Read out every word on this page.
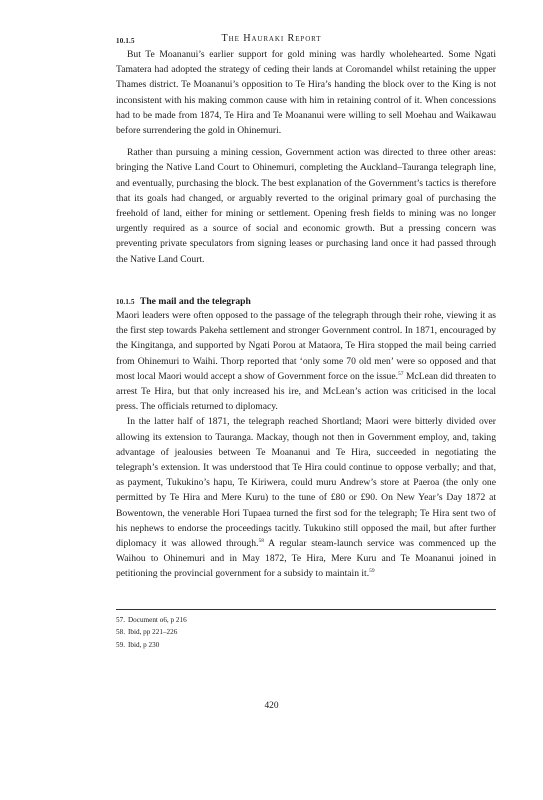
10.1.5	The Hauraki Report

But Te Moananui’s earlier support for gold mining was hardly wholehearted. Some Ngati Tamatera had adopted the strategy of ceding their lands at Coromandel whilst retaining the upper Thames district. Te Moananui’s opposition to Te Hira’s handing the block over to the King is not inconsistent with his making common cause with him in retaining control of it. When concessions had to be made from 1874, Te Hira and Te Moananui were willing to sell Moehau and Waikawau before surrendering the gold in Ohinemuri.

Rather than pursuing a mining cession, Government action was directed to three other areas: bringing the Native Land Court to Ohinemuri, completing the Auckland–Tauranga telegraph line, and eventually, purchasing the block. The best explanation of the Government’s tactics is therefore that its goals had changed, or arguably reverted to the original primary goal of purchasing the freehold of land, either for mining or settlement. Opening fresh fields to mining was no longer urgently required as a source of social and economic growth. But a pressing concern was preventing private speculators from signing leases or purchasing land once it had passed through the Native Land Court.

10.1.5 The mail and the telegraph

Maori leaders were often opposed to the passage of the telegraph through their rohe, viewing it as the first step towards Pakeha settlement and stronger Government control. In 1871, encouraged by the Kingitanga, and supported by Ngati Porou at Mataora, Te Hira stopped the mail being carried from Ohinemuri to Waihi. Thorp reported that ‘only some 70 old men’ were so opposed and that most local Maori would accept a show of Government force on the issue.$^{57}$ McLean did threaten to arrest Te Hira, but that only increased his ire, and McLean’s action was criticised in the local press. The officials returned to diplomacy.

In the latter half of 1871, the telegraph reached Shortland; Maori were bitterly divided over allowing its extension to Tauranga. Mackay, though not then in Government employ, and, taking advantage of jealousies between Te Moananui and Te Hira, succeeded in negotiating the telegraph’s extension. It was understood that Te Hira could continue to oppose verbally; and that, as payment, Tukukino’s hapu, Te Kiriwera, could muru Andrew’s store at Paeroa (the only one permitted by Te Hira and Mere Kuru) to the tune of £80 or £90. On New Year’s Day 1872 at Bowentown, the venerable Hori Tupaea turned the first sod for the telegraph; Te Hira sent two of his nephews to endorse the proceedings tacitly. Tukukino still opposed the mail, but after further diplomacy it was allowed through.$^{58}$ A regular steam-launch service was commenced up the Waihou to Ohinemuri and in May 1872, Te Hira, Mere Kuru and Te Moananui joined in petitioning the provincial government for a subsidy to maintain it.$^{59}$

57. Document o6, p 216
58. Ibid, pp 221–226
59. Ibid, p 230
420
